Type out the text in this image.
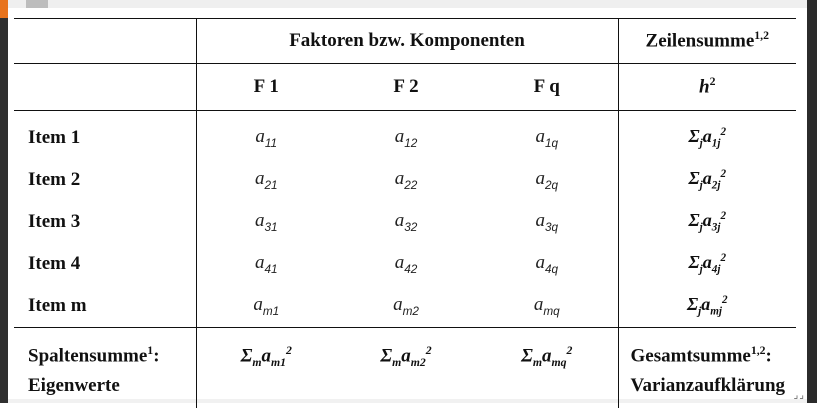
⌟⌟
	Faktoren bzw. Komponenten			Zeilensumme$^{1,2}$
	F 1	F 2	F q	$h^2$
Item 1	$a_{11}$	$a_{12}$	$a_{1q}$	$\Sigma_ja_{1j}^2$
Item 2	$a_{21}$	$a_{22}$	$a_{2q}$	$\Sigma_ja_{2j}^2$
Item 3	$a_{31}$	$a_{32}$	$a_{3q}$	$\Sigma_ja_{3j}^2$
Item 4	$a_{41}$	$a_{42}$	$a_{4q}$	$\Sigma_ja_{4j}^2$
Item m	$a_{m1}$	$a_{m2}$	$a_{mq}$	$\Sigma_ja_{mj}^2$
Spaltensumme$^1$:
Eigenwerte	$\Sigma_ma_{m1}^2$	$\Sigma_ma_{m2}^2$	$\Sigma_ma_{mq}^2$	Gesamtsumme$^{1,2}$:
Varianzaufklärung
